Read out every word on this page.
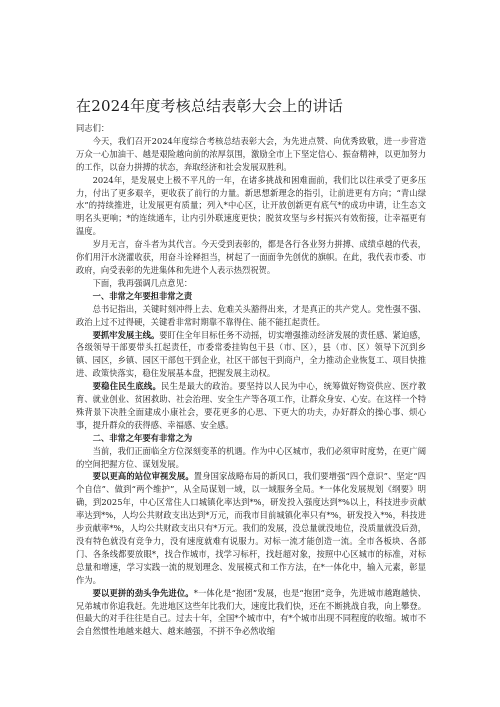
在2024年度考核总结表彰大会上的讲话

同志们：

今天，我们召开2024年度综合考核总结表彰大会，为先进点赞、向优秀致敬，进一步营造万众一心加油干、越是艰险越向前的浓厚氛围，激励全市上下坚定信心、振奋精神，以更加努力的工作，以奋力拼搏的状态，奔取经济和社会发展双胜利。

2024年，是发展史上极不平凡的一年，在诸多挑战和困难面前，我们比以往承受了更多压力，付出了更多艰辛，更收获了前行的力量。新思想新理念的指引，让前进更有方向；“青山绿水”的持续推进，让发展更有质量；列入*中心区，让开放创新更有底气*的成功申请，让生态文明名头更响；*的连续通车，让内引外联速度更快；脱贫攻坚与乡村振兴有效衔接，让幸福更有温度。

岁月无言，奋斗者为其代言。今天受到表彰的，都是各行各业努力拼搏、成绩卓越的代表，你们用汗水浇灌收获，用奋斗诠释担当，树起了一面面争先创优的旗帜。在此，我代表市委、市政府，向受表彰的先进集体和先进个人表示热烈祝贺。

下面，我再强调几点意见：

一、非常之年要担非常之责

总书记指出，关键时刻冲得上去、危难关头豁得出来，才是真正的共产党人。党性强不强、政治上过不过得硬，关键看非常时期靠不靠得住、能不能扛起责任。

要抓牢发展主线。要盯住全年目标任务不动摇，切实增强推动经济发展的责任感、紧迫感，各级领导干部要带头扛起责任，市委常委挂钩包干县（市、区），县（市、区）领导下沉到乡镇、园区，乡镇、园区干部包干到企业，社区干部包干到商户，全力推动企业恢复工、项目快推进、政策快落实，稳住发展基本盘，把握发展主动权。

要稳住民生底线。民生是最大的政治。要坚持以人民为中心，统筹做好物资供应、医疗教育、就业创业、贫困救助、社会治理、安全生产等各项工作，让群众身安、心安。在这样一个特殊背景下决胜全面建成小康社会，要花更多的心思、下更大的功夫，办好群众的操心事、烦心事，提升群众的获得感、幸福感、安全感。

二、非常之年要有非常之为

当前，我们正面临全方位深刻变革的机遇。作为中心区城市，我们必须审时度势，在更广阔的空间把握方位、谋划发展。

要以更高的站位审视发展。置身国家战略布局的新风口，我们要增强“四个意识”、坚定“四个自信”、做到“两个维护”，从全局谋划一域，以一域服务全局。*一体化发展规划《纲要》明确，到2025年，中心区常住人口城镇化率达到*%，研发投入强度达到*%以上，科技进步贡献率达到*%，人均公共财政支出达到*万元，而我市目前城镇化率只有*%，研发投入*%，科技进步贡献率*%，人均公共财政支出只有*万元。我们的发展，没总量就没地位，没质量就没后劲，没有特色就没有竞争力，没有速度就难有说服力。对标一流才能创造一流。全市各板块、各部门、各条线都要放眼*，找合作城市，找学习标杆，找赶超对象，按照中心区城市的标准，对标总量和增速，学习实践一流的规划理念、发展模式和工作方法，在*一体化中，输入元素，彰显作为。

要以更拼的劲头争先进位。*一体化是“抱团”发展，也是“抱团”竞争，先进城市越跑越快、兄弟城市你追我赶。先进地区这些年比我们大，速度比我们快，还在不断挑战自我，向上攀登。但最大的对手往往是自己。过去十年，全国*个城市中，有*个城市出现不同程度的收缩。城市不会自然惯性地越来越大、越来越强，不拼不争必然收缩
